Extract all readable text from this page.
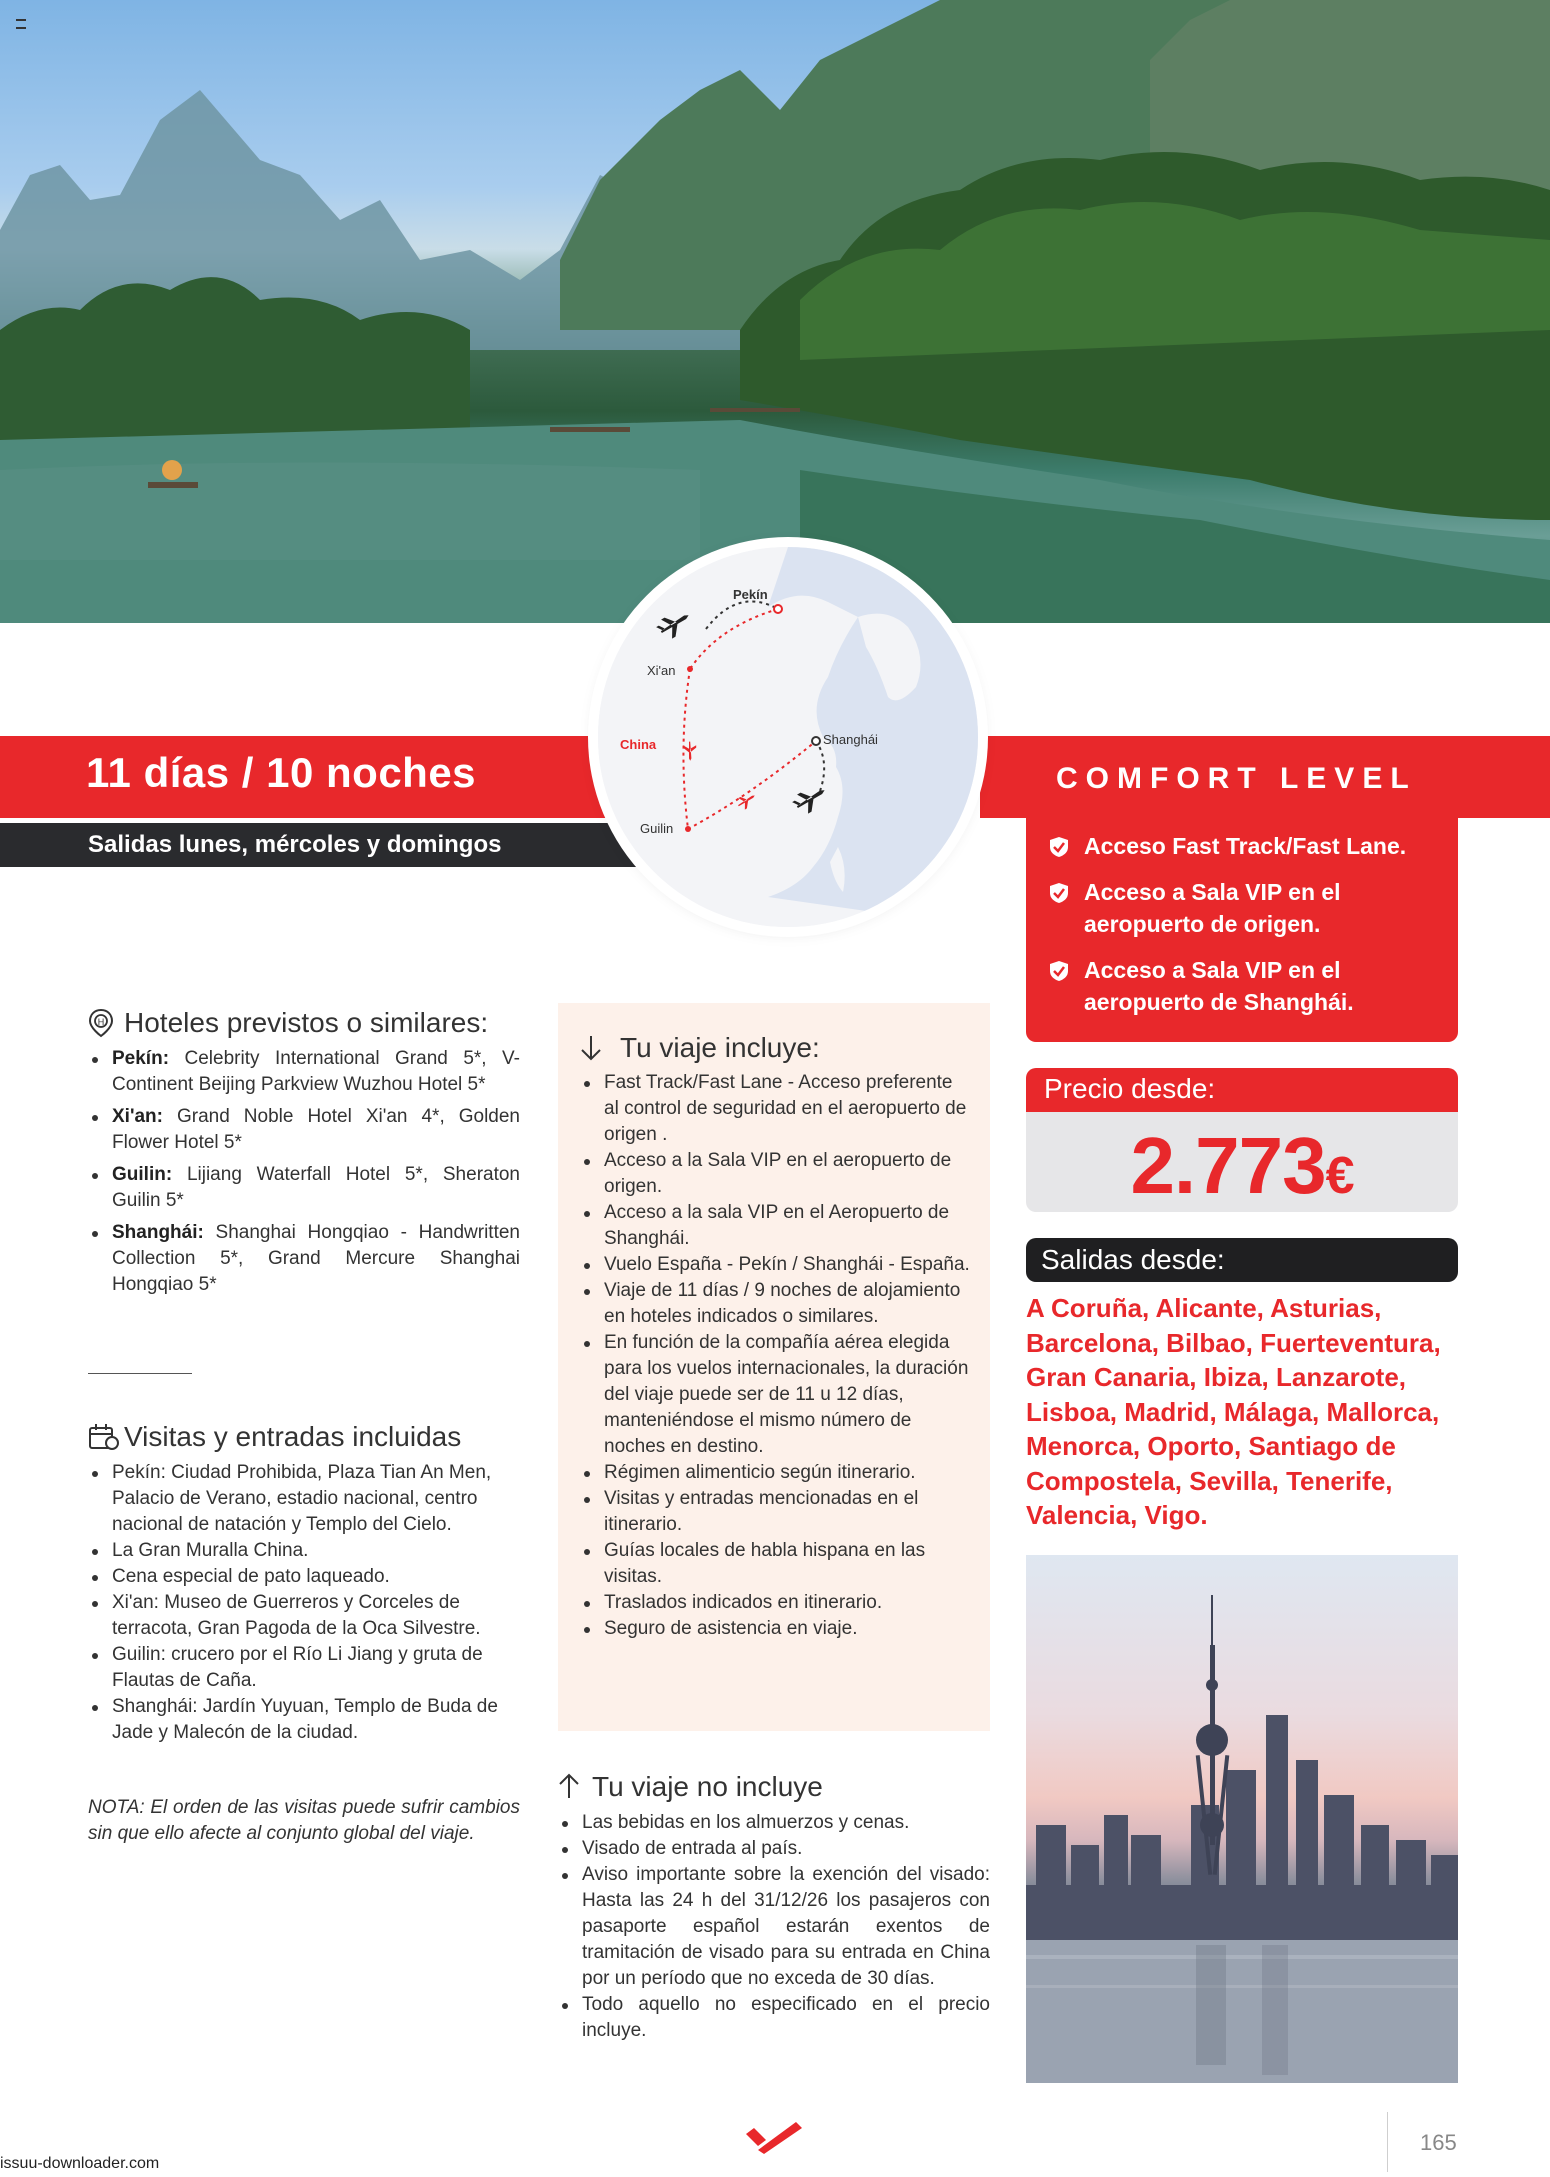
11 días / 10 noches
Salidas lunes, mércoles y domingos
COMFORT LEVEL
Pekín
Xi'an
China	Shanghái
Guilin
Acceso Fast Track/Fast Lane.
Acceso a Sala VIP en el aeropuerto de origen.
Acceso a Sala VIP en el aeropuerto de Shanghái.
Precio desde:
2.773€
Salidas desde:
A Coruña, Alicante, Asturias, Barcelona, Bilbao, Fuerteventura, Gran Canaria, Ibiza, Lanzarote, Lisboa, Madrid, Málaga, Mallorca, Menorca, Oporto, Santiago de Compostela, Sevilla, Tenerife, Valencia, Vigo.
H Hoteles previstos o similares:
Pekín: Celebrity International Grand 5*, V-Continent Beijing Parkview Wuzhou Hotel 5*
Xi'an: Grand Noble Hotel Xi'an 4*, Golden Flower Hotel 5*
Guilin: Lijiang Waterfall Hotel 5*, Sheraton Guilin 5*
Shanghái: Shanghai Hongqiao - Handwritten Collection 5*, Grand Mercure Shanghai Hongqiao 5*
Visitas y entradas incluidas
Pekín: Ciudad Prohibida, Plaza Tian An Men, Palacio de Verano, estadio nacional, centro nacional de natación y Templo del Cielo.
La Gran Muralla China.
Cena especial de pato laqueado.
Xi'an: Museo de Guerreros y Corceles de terracota, Gran Pagoda de la Oca Silvestre.
Guilin: crucero por el Río Li Jiang y gruta de Flautas de Caña.
Shanghái: Jardín Yuyuan, Templo de Buda de Jade y Malecón de la ciudad.
NOTA: El orden de las visitas puede sufrir cambios sin que ello afecte al conjunto global del viaje.
Tu viaje incluye:
Fast Track/Fast Lane - Acceso preferente al control de seguridad en el aeropuerto de origen .
Acceso a la Sala VIP en el aeropuerto de origen.
Acceso a la sala VIP en el Aeropuerto de Shanghái.
Vuelo España - Pekín / Shanghái - España.
Viaje de 11 días / 9 noches de alojamiento en hoteles indicados o similares.
En función de la compañía aérea elegida para los vuelos internacionales, la duración del viaje puede ser de 11 u 12 días, manteniéndose el mismo número de noches en destino.
Régimen alimenticio según itinerario.
Visitas y entradas mencionadas en el itinerario.
Guías locales de habla hispana en las visitas.
Traslados indicados en itinerario.
Seguro de asistencia en viaje.
Tu viaje no incluye
Las bebidas en los almuerzos y cenas.
Visado de entrada al país.
Aviso importante sobre la exención del visado: Hasta las 24 h del 31/12/26 los pasajeros con pasaporte español estarán exentos de tramitación de visado para su entrada en China por un período que no exceda de 30 días.
Todo aquello no especificado en el precio incluye.
issuu-downloader.com
165
